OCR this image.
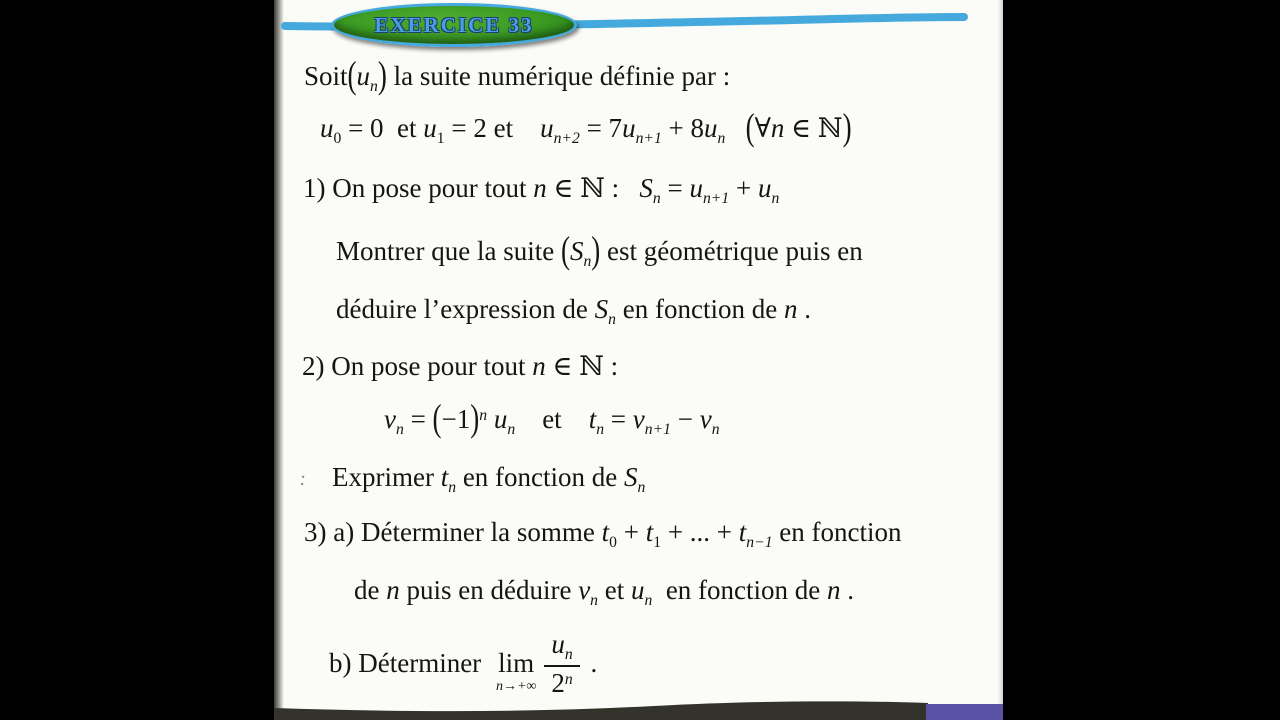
EXERCICE 33
$Soit(u_n)$ la suite numérique définie par :
$u_0 = 0$  et $u_1 = 2$ et    $u_{n+2} = 7u_{n+1} + 8u_n$ (∀n ∈ ℕ)
1) On pose pour tout n ∈ ℕ :   $S_n = u_{n+1} + u_n$
Montrer que la suite $(S_n)$ est géométrique puis en
déduire l’expression de $S_n$ en fonction de n .
2) On pose pour tout n ∈ ℕ :
$v_n = (-1)^n$ $u_n$    et    $t_n = v_{n+1} - v_n$
Exprimer $t_n$ en fonction de $S_n$
3) a) Déterminer la somme $t_0 + t_1$ + ... + $t_{n-1}$ en fonction
de n puis en déduire $v_n$ et $u_n$  en fonction de n .
b) Déterminer lim
$n\to+\infty \frac{u_n}{2^n}$ .
:
